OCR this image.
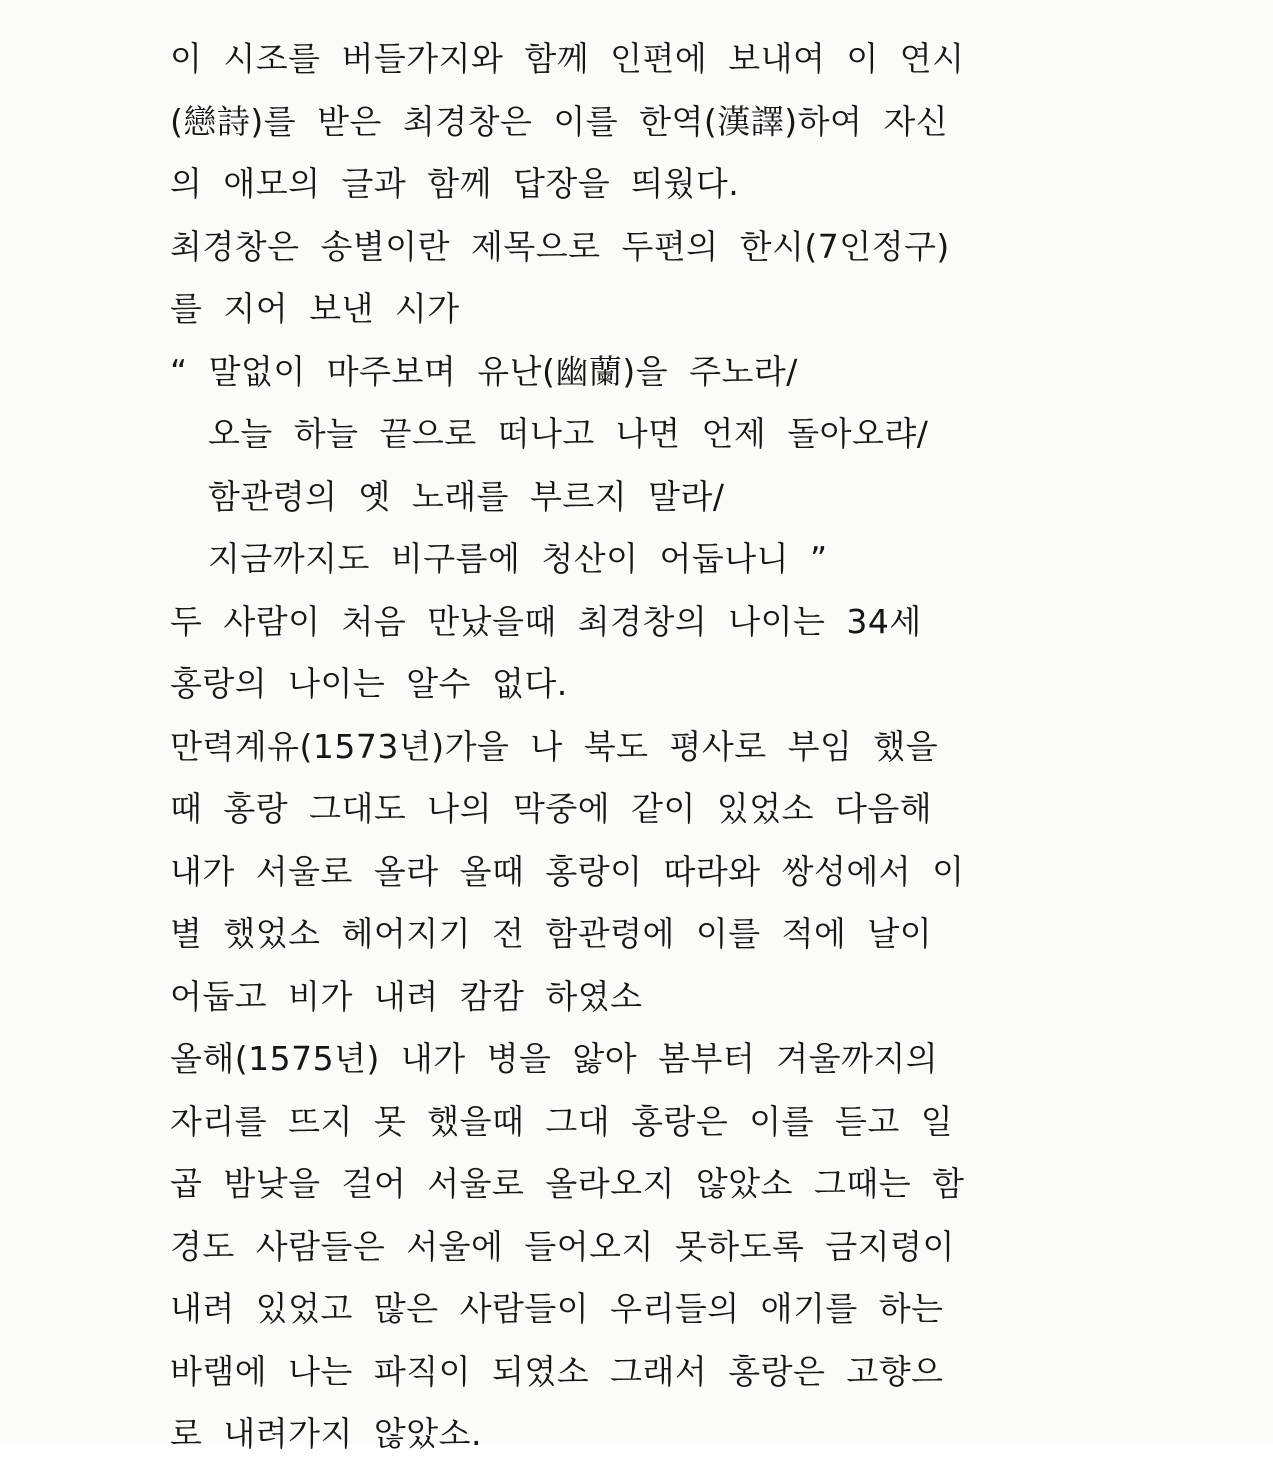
이 시조를 버들가지와 함께 인편에 보내여 이 연시
(戀詩)를 받은 최경창은 이를 한역(漢譯)하여 자신
의 애모의 글과 함께 답장을 띄웠다.
최경창은 송별이란 제목으로 두편의 한시(7인정구)
를 지어 보낸 시가
“ 말없이 마주보며 유난(幽蘭)을 주노라/
오늘 하늘 끝으로 떠나고 나면 언제 돌아오랴/
함관령의 옛 노래를 부르지 말라/
지금까지도 비구름에 청산이 어둡나니 ”
두 사람이 처음 만났을때 최경창의 나이는 34세
홍랑의 나이는 알수 없다.
만력계유(1573년)가을 나 북도 평사로 부임 했을
때 홍랑 그대도 나의 막중에 같이 있었소 다음해
내가 서울로 올라 올때 홍랑이 따라와 쌍성에서 이
별 했었소 헤어지기 전 함관령에 이를 적에 날이
어둡고 비가 내려 캄캄 하였소
올해(1575년) 내가 병을 앓아 봄부터 겨울까지의
자리를 뜨지 못 했을때 그대 홍랑은 이를 듣고 일
곱 밤낮을 걸어 서울로 올라오지 않았소 그때는 함
경도 사람들은 서울에 들어오지 못하도록 금지령이
내려 있었고 많은 사람들이 우리들의 애기를 하는
바램에 나는 파직이 되였소 그래서 홍랑은 고향으
로 내려가지 않았소.
